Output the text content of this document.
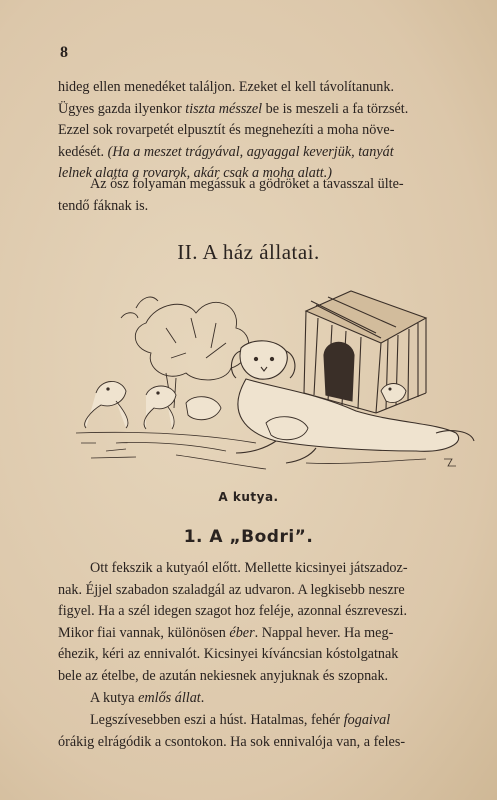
8

hideg ellen menedéket találjon. Ezeket el kell távolítanunk.
Ügyes gazda ilyenkor tiszta mésszel be is meszeli a fa törzsét.
Ezzel sok rovarpetét elpusztít és megnehezíti a moha növe-
kedését. (Ha a meszet trágyával, agyaggal keverjük, tanyát
lelnek alatta a rovarok, akár csak a moha alatt.)

Az ősz folyamán megássuk a gödröket a tavasszal ülte-
tendő fáknak is.

II. A ház állatai.
A kutya.
1. A „Bodri”.

Ott fekszik a kutyaól előtt. Mellette kicsinyei játszadoz-
nak. Éjjel szabadon szaladgál az udvaron. A legkisebb neszre
figyel. Ha a szél idegen szagot hoz feléje, azonnal észreveszi.
Mikor fiai vannak, különösen éber. Nappal hever. Ha meg-
éhezik, kéri az ennivalót. Kicsinyei kíváncsian kóstolgatnak
bele az ételbe, de azután nekiesnek anyjuknak és szopnak.

A kutya emlős állat.

Legszívesebben eszi a húst. Hatalmas, fehér fogaival
órákig elrágódik a csontokon. Ha sok ennivalója van, a feles-
